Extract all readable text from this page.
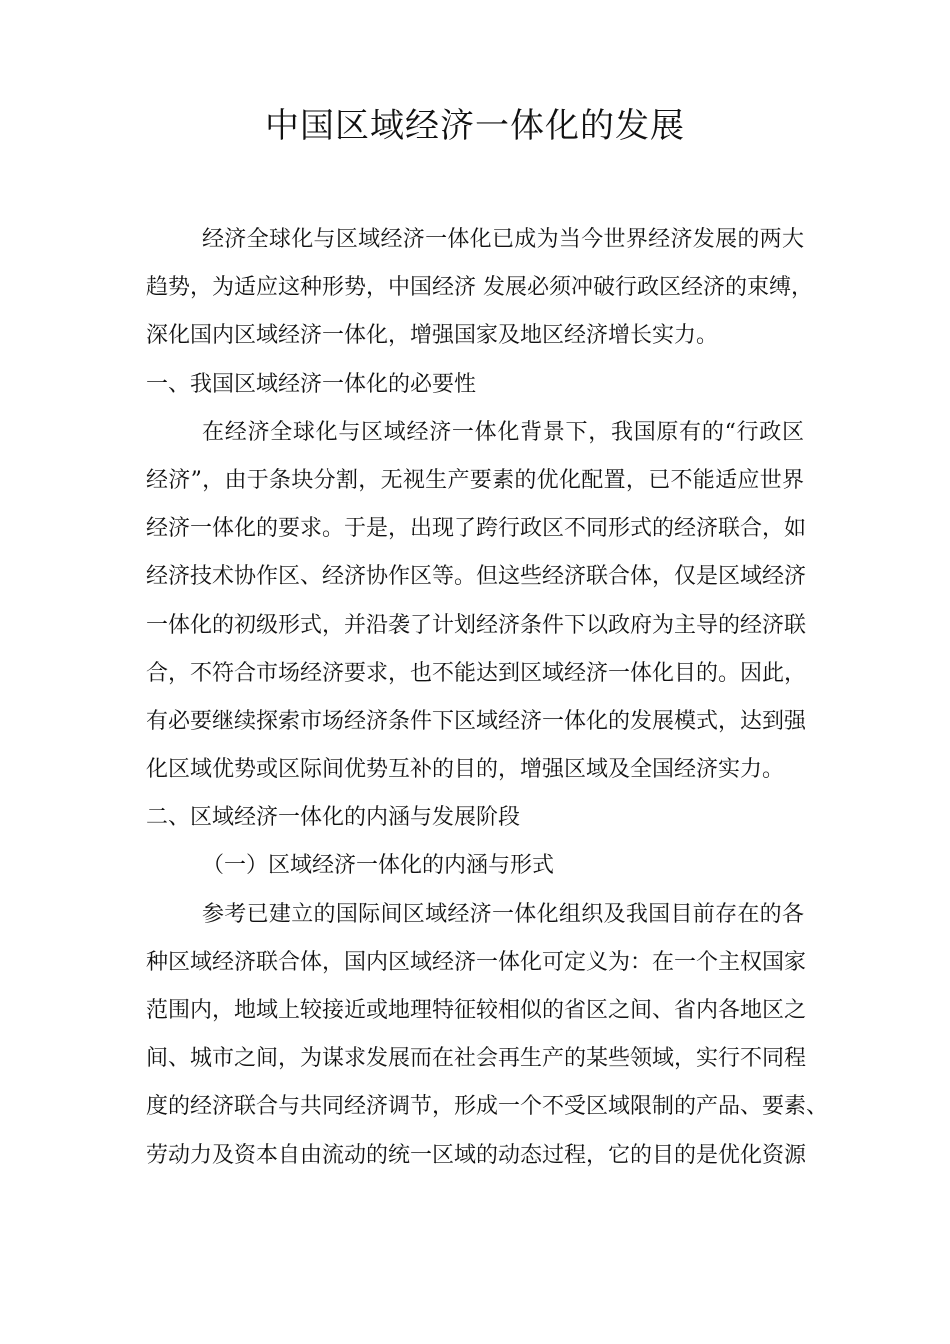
中国区域经济一体化的发展
经济全球化与区域经济一体化已成为当今世界经济发展的两大
趋势，为适应这种形势，中国经济 发展必须冲破行政区经济的束缚，
深化国内区域经济一体化，增强国家及地区经济增长实力。
一、我国区域经济一体化的必要性
在经济全球化与区域经济一体化背景下，我国原有的“行政区
经济”，由于条块分割，无视生产要素的优化配置，已不能适应世界
经济一体化的要求。于是，出现了跨行政区不同形式的经济联合，如
经济技术协作区、经济协作区等。但这些经济联合体，仅是区域经济
一体化的初级形式，并沿袭了计划经济条件下以政府为主导的经济联
合，不符合市场经济要求，也不能达到区域经济一体化目的。因此，
有必要继续探索市场经济条件下区域经济一体化的发展模式，达到强
化区域优势或区际间优势互补的目的，增强区域及全国经济实力。
二、区域经济一体化的内涵与发展阶段
（一）区域经济一体化的内涵与形式
参考已建立的国际间区域经济一体化组织及我国目前存在的各
种区域经济联合体，国内区域经济一体化可定义为：在一个主权国家
范围内，地域上较接近或地理特征较相似的省区之间、省内各地区之
间、城市之间，为谋求发展而在社会再生产的某些领域，实行不同程
度的经济联合与共同经济调节，形成一个不受区域限制的产品、要素、
劳动力及资本自由流动的统一区域的动态过程，它的目的是优化资源
